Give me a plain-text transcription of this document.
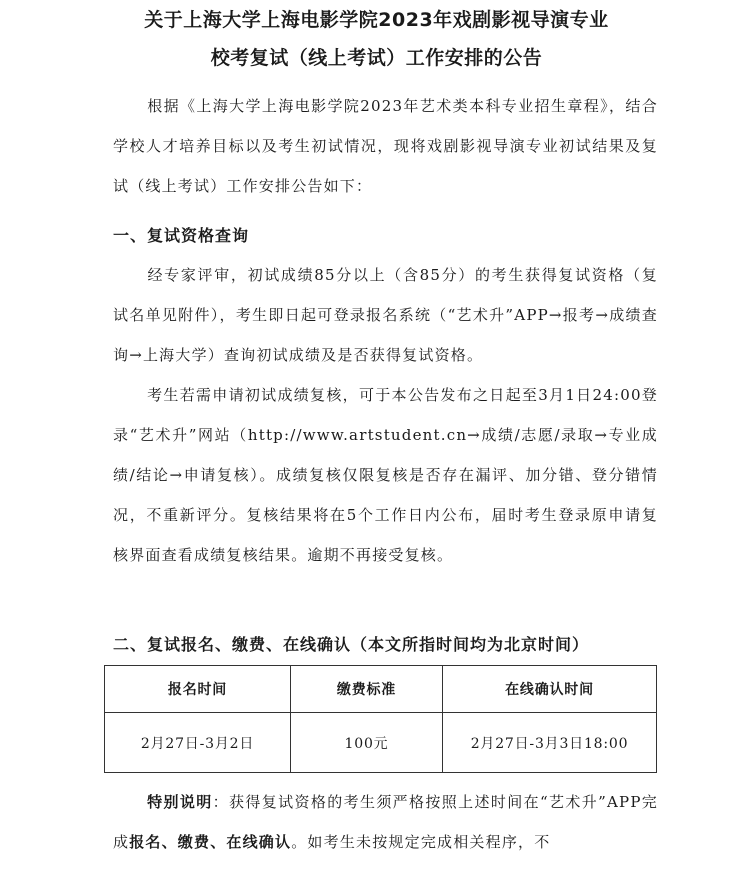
关于上海大学上海电影学院2023年戏剧影视导演专业
校考复试（线上考试）工作安排的公告
根据《上海大学上海电影学院2023年艺术类本科专业招生章程》，结合学校人才培养目标以及考生初试情况，现将戏剧影视导演专业初试结果及复试（线上考试）工作安排公告如下：
一、复试资格查询
经专家评审，初试成绩85分以上（含85分）的考生获得复试资格（复试名单见附件），考生即日起可登录报名系统（“艺术升”APP→报考→成绩查询→上海大学）查询初试成绩及是否获得复试资格。
考生若需申请初试成绩复核，可于本公告发布之日起至3月1日24:00登录“艺术升”网站（http://www.artstudent.cn→成绩/志愿/录取→专业成绩/结论→申请复核）。成绩复核仅限复核是否存在漏评、加分错、登分错情况，不重新评分。复核结果将在5个工作日内公布，届时考生登录原申请复核界面查看成绩复核结果。逾期不再接受复核。
二、复试报名、缴费、在线确认（本文所指时间均为北京时间）
报名时间	缴费标准	在线确认时间
2月27日-3月2日	100元	2月27日-3月3日18:00
特别说明：获得复试资格的考生须严格按照上述时间在“艺术升”APP完成报名、缴费、在线确认。如考生未按规定完成相关程序，不
